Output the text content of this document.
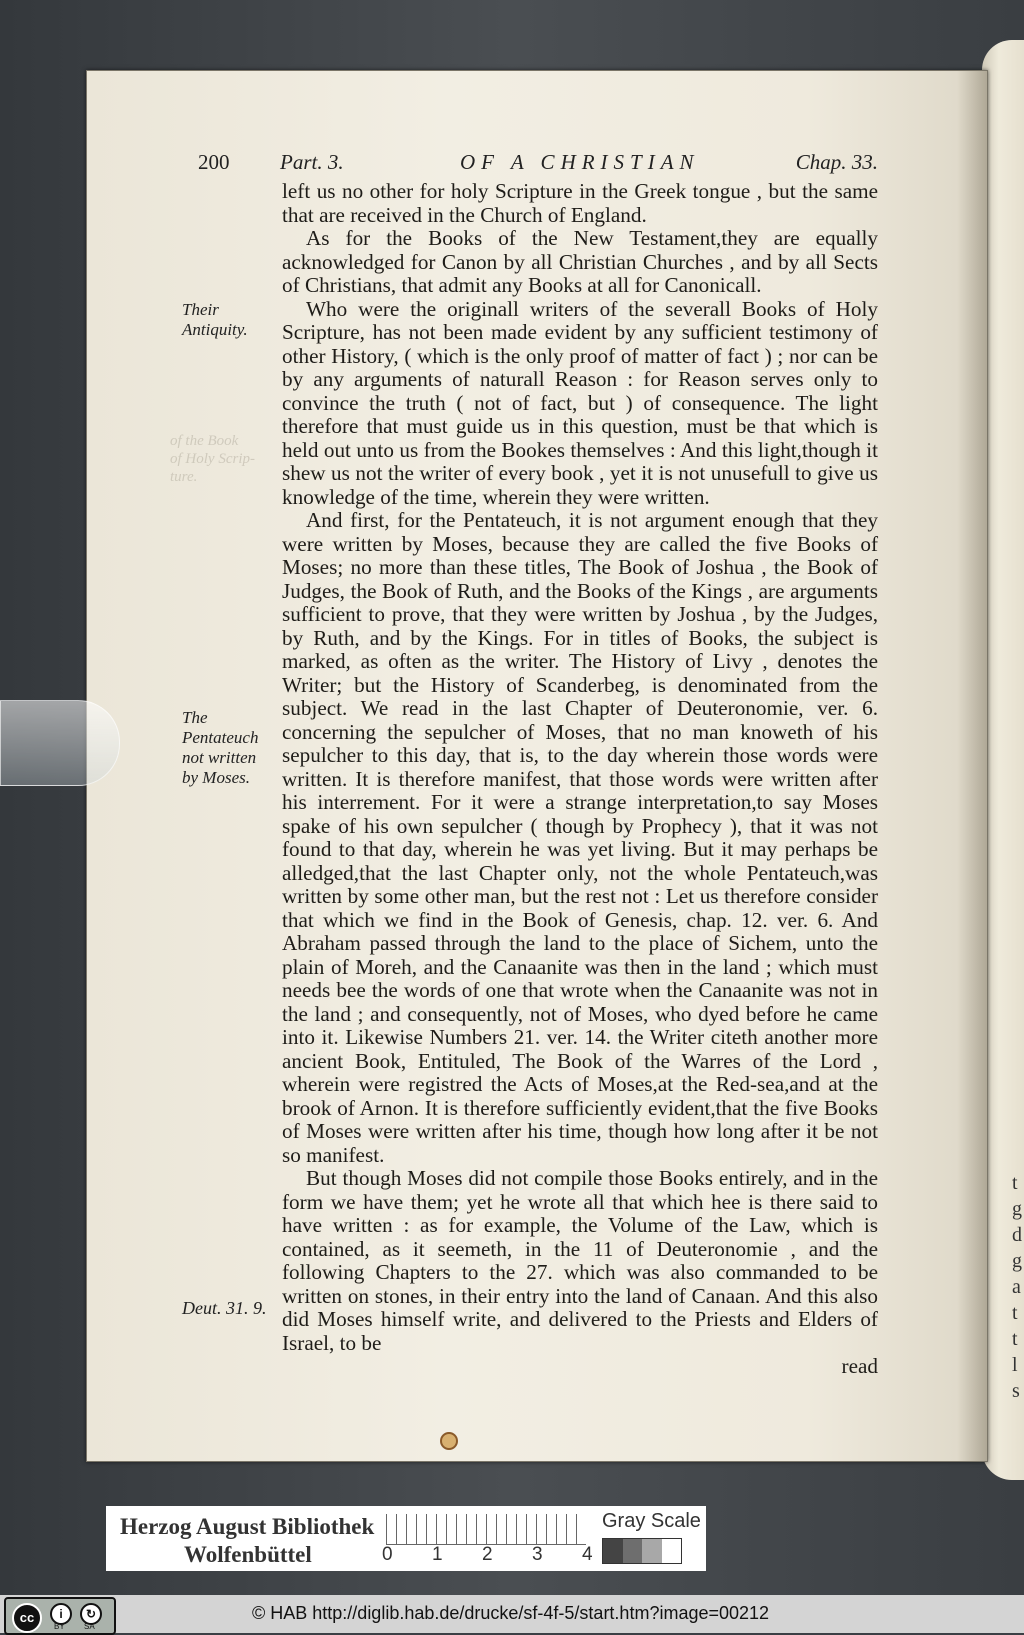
t
g
d
g
a
t
t
l
s
of the Book
of Holy Scrip-
ture.
200 Part. 3.	OF A CHRISTIAN	Chap. 33.
Their Antiquity.
The Pentateuch not written by Moses.
Deut. 31. 9.

left us no other for holy Scripture in the Greek tongue , but the same that are received in the Church of England.

As for the Books of the New Testament,they are equally acknowledged for Canon by all Christian Churches , and by all Sects of Christians, that admit any Books at all for Canonicall.

Who were the originall writers of the severall Books of Holy Scripture, has not been made evident by any sufficient testimony of other History, ( which is the only proof of matter of fact ) ; nor can be by any arguments of naturall Reason : for Reason serves only to convince the truth ( not of fact, but ) of consequence. The light therefore that must guide us in this question, must be that which is held out unto us from the Bookes themselves : And this light,though it shew us not the writer of every book , yet it is not unusefull to give us knowledge of the time, wherein they were written.

And first, for the Pentateuch, it is not argument enough that they were written by Moses, because they are called the five Books of Moses; no more than these titles, The Book of Joshua , the Book of Judges, the Book of Ruth, and the Books of the Kings , are arguments sufficient to prove, that they were written by Joshua , by the Judges, by Ruth, and by the Kings. For in titles of Books, the subject is marked, as often as the writer. The History of Livy , denotes the Writer; but the History of Scanderbeg, is denominated from the subject. We read in the last Chapter of Deuteronomie, ver. 6. concerning the sepulcher of Moses, that no man knoweth of his sepulcher to this day, that is, to the day wherein those words were written. It is therefore manifest, that those words were written after his interrement. For it were a strange interpretation,to say Moses spake of his own sepulcher ( though by Prophecy ), that it was not found to that day, wherein he was yet living. But it may perhaps be alledged,that the last Chapter only, not the whole Pentateuch,was written by some other man, but the rest not : Let us therefore consider that which we find in the Book of Genesis, chap. 12. ver. 6. And Abraham passed through the land to the place of Sichem, unto the plain of Moreh, and the Canaanite was then in the land ; which must needs bee the words of one that wrote when the Canaanite was not in the land ; and consequently, not of Moses, who dyed before he came into it. Likewise Numbers 21. ver. 14. the Writer citeth another more ancient Book, Entituled, The Book of the Warres of the Lord , wherein were registred the Acts of Moses,at the Red-sea,and at the brook of Arnon. It is therefore sufficiently evident,that the five Books of Moses were written after his time, though how long after it be not so manifest.

But though Moses did not compile those Books entirely, and in the form we have them; yet he wrote all that which hee is there said to have written : as for example, the Volume of the Law, which is contained, as it seemeth, in the 11 of Deuteronomie , and the following Chapters to the 27. which was also commanded to be written on stones, in their entry into the land of Canaan. And this also did Moses himself write, and delivered to the Priests and Elders of Israel, to be

read

Herzog August Bibliothek
Wolfenbüttel	0 1 2 3 4
Gray Scale
cc	i	↻
BY SA
© HAB http://diglib.hab.de/drucke/sf-4f-5/start.htm?image=00212
